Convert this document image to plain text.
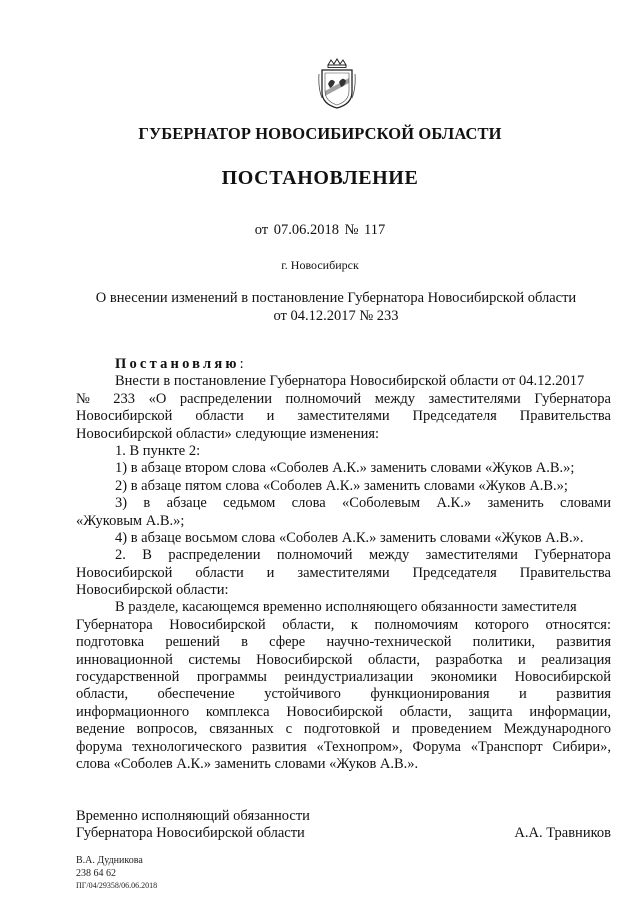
ГУБЕРНАТОР НОВОСИБИРСКОЙ ОБЛАСТИ
ПОСТАНОВЛЕНИЕ
от 07.06.2018 № 117
г. Новосибирск
О внесении изменений в постановление Губернатора Новосибирской области
от 04.12.2017 № 233
Постановляю:
Внести в постановление Губернатора Новосибирской области от 04.12.2017
№ 233 «О распределении полномочий между заместителями Губернатора
Новосибирской области и заместителями Председателя Правительства
Новосибирской области» следующие изменения:
1. В пункте 2:
1) в абзаце втором слова «Соболев А.К.» заменить словами «Жуков А.В.»;
2) в абзаце пятом слова «Соболев А.К.» заменить словами «Жуков А.В.»;
3) в абзаце седьмом слова «Соболевым А.К.» заменить словами
«Жуковым А.В.»;
4) в абзаце восьмом слова «Соболев А.К.» заменить словами «Жуков А.В.».
2. В распределении полномочий между заместителями Губернатора
Новосибирской области и заместителями Председателя Правительства
Новосибирской области:
В разделе, касающемся временно исполняющего обязанности заместителя
Губернатора Новосибирской области, к полномочиям которого относятся:
подготовка решений в сфере научно-технической политики, развития
инновационной системы Новосибирской области, разработка и реализация
государственной программы реиндустриализации экономики Новосибирской
области, обеспечение устойчивого функционирования и развития
информационного комплекса Новосибирской области, защита информации,
ведение вопросов, связанных с подготовкой и проведением Международного
форума технологического развития «Технопром», Форума «Транспорт Сибири»,
слова «Соболев А.К.» заменить словами «Жуков А.В.».
Временно исполняющий обязанности
Губернатора Новосибирской области	А.А. Травников
В.А. Дудникова
238 64 62
ПГ/04/29358/06.06.2018
